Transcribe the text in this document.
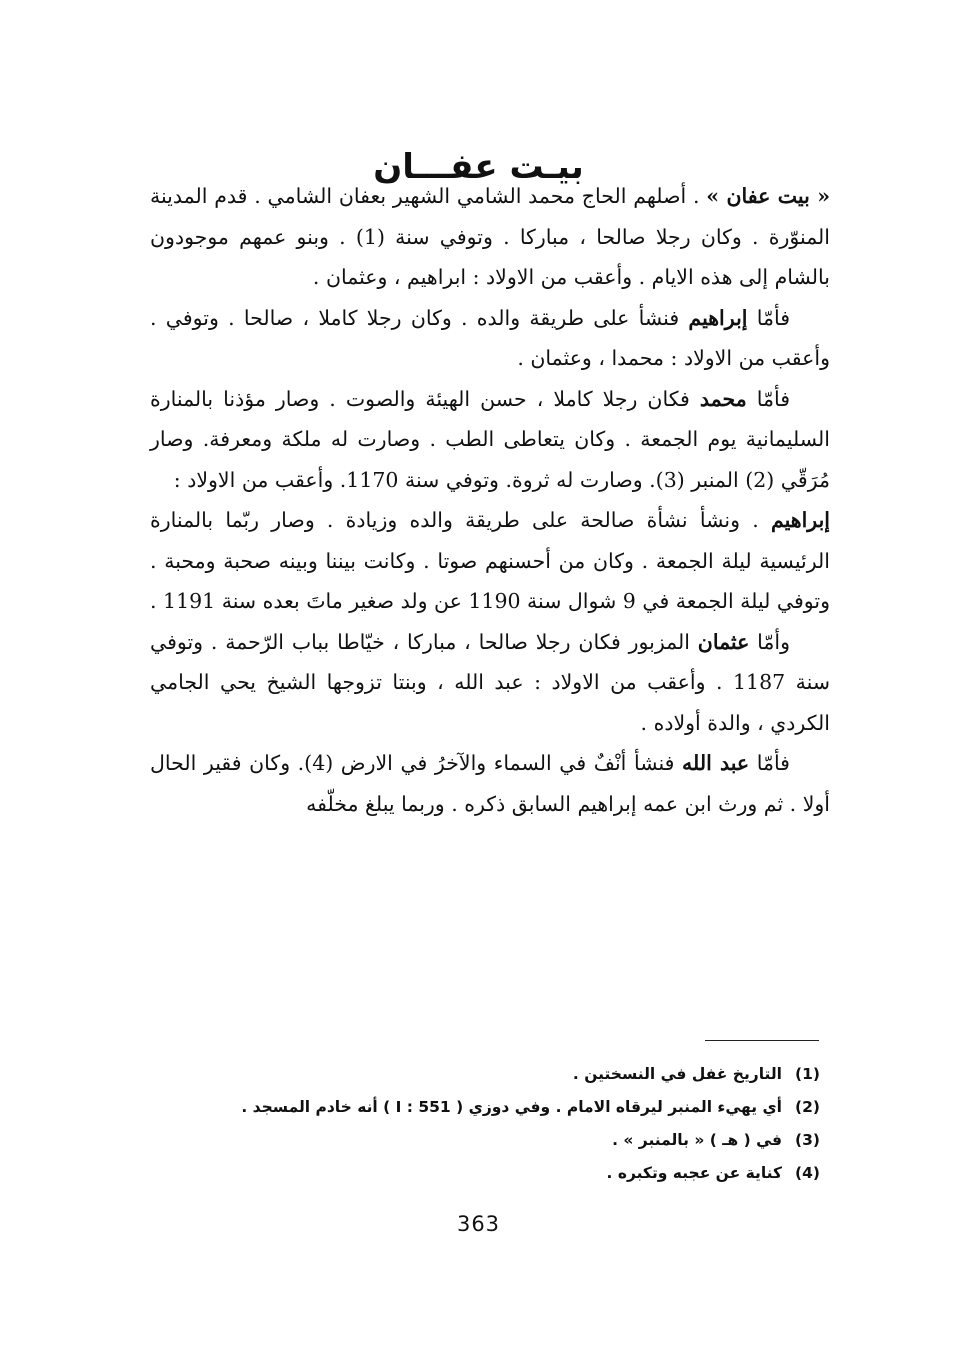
بيـت عفـــان

« بيت عفان » . أصلهم الحاج محمد الشامي الشهير بعفان الشامي . قدم المدينة المنوّرة . وكان رجلا صالحا ، مباركا . وتوفي سنة (1) . وبنو عمهم موجودون بالشام إلى هذه الايام . وأعقب من الاولاد : ابراهيم ، وعثمان .

فأمّا إبراهيم فنشأ على طريقة والده . وكان رجلا كاملا ، صالحا . وتوفي . وأعقب من الاولاد : محمدا ، وعثمان .

فأمّا محمد فكان رجلا كاملا ، حسن الهيئة والصوت . وصار مؤذنا بالمنارة السليمانية يوم الجمعة . وكان يتعاطى الطب . وصارت له ملكة ومعرفة. وصار مُرَقّي (2) المنبر (3). وصارت له ثروة. وتوفي سنة 1170. وأعقب من الاولاد :

إبراهيم . ونشأ نشأة صالحة على طريقة والده وزيادة . وصار ربّما بالمنارة الرئيسية ليلة الجمعة . وكان من أحسنهم صوتا . وكانت بيننا وبينه صحبة ومحبة . وتوفي ليلة الجمعة في 9 شوال سنة 1190 عن ولد صغير ماتَ بعده سنة 1191 .

وأمّا عثمان المزبور فكان رجلا صالحا ، مباركا ، خيّاطا بباب الرّحمة . وتوفي سنة 1187 . وأعقب من الاولاد : عبد الله ، وبنتا تزوجها الشيخ يحي الجامي الكردي ، والدة أولاده .

فأمّا عبد الله فنشأ أنْفٌ في السماء والآخرُ في الارض (4). وكان فقير الحال أولا . ثم ورث ابن عمه إبراهيم السابق ذكره . وربما يبلغ مخلّفه

(1)
التاريخ غفل في النسختين .
(2)
أي يهيء المنبر ليرقاه الامام . وفي دوزي ( I : 551 ) أنه خادم المسجد .
(3)
في ( هـ ) « بالمنبر » .
(4)
كناية عن عجبه وتكبره .
363
